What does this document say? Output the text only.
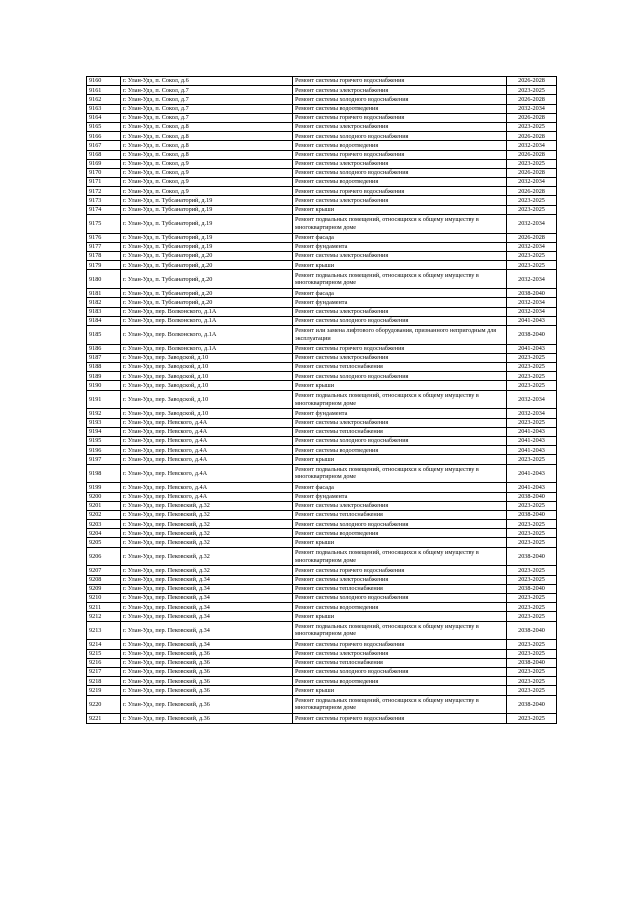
9160	г. Улан-Удэ, п. Сокол, д.6	Ремонт системы горячего водоснабжения	2026-2028
9161	г. Улан-Удэ, п. Сокол, д.7	Ремонт системы электроснабжения	2023-2025
9162	г. Улан-Удэ, п. Сокол, д.7	Ремонт системы холодного водоснабжения	2026-2028
9163	г. Улан-Удэ, п. Сокол, д.7	Ремонт системы водоотведения	2032-2034
9164	г. Улан-Удэ, п. Сокол, д.7	Ремонт системы горячего водоснабжения	2026-2028
9165	г. Улан-Удэ, п. Сокол, д.8	Ремонт системы электроснабжения	2023-2025
9166	г. Улан-Удэ, п. Сокол, д.8	Ремонт системы холодного водоснабжения	2026-2028
9167	г. Улан-Удэ, п. Сокол, д.8	Ремонт системы водоотведения	2032-2034
9168	г. Улан-Удэ, п. Сокол, д.8	Ремонт системы горячего водоснабжения	2026-2028
9169	г. Улан-Удэ, п. Сокол, д.9	Ремонт системы электроснабжения	2023-2025
9170	г. Улан-Удэ, п. Сокол, д.9	Ремонт системы холодного водоснабжения	2026-2028
9171	г. Улан-Удэ, п. Сокол, д.9	Ремонт системы водоотведения	2032-2034
9172	г. Улан-Удэ, п. Сокол, д.9	Ремонт системы горячего водоснабжения	2026-2028
9173	г. Улан-Удэ, п. Тубсанаторий, д.19	Ремонт системы электроснабжения	2023-2025
9174	г. Улан-Удэ, п. Тубсанаторий, д.19	Ремонт крыши	2023-2025
9175	г. Улан-Удэ, п. Тубсанаторий, д.19	Ремонт подвальных помещений, относящихся к общему имуществу в многоквартирном доме	2032-2034
9176	г. Улан-Удэ, п. Тубсанаторий, д.19	Ремонт фасада	2026-2028
9177	г. Улан-Удэ, п. Тубсанаторий, д.19	Ремонт фундамента	2032-2034
9178	г. Улан-Удэ, п. Тубсанаторий, д.20	Ремонт системы электроснабжения	2023-2025
9179	г. Улан-Удэ, п. Тубсанаторий, д.20	Ремонт крыши	2023-2025
9180	г. Улан-Удэ, п. Тубсанаторий, д.20	Ремонт подвальных помещений, относящихся к общему имуществу в многоквартирном доме	2032-2034
9181	г. Улан-Удэ, п. Тубсанаторий, д.20	Ремонт фасада	2038-2040
9182	г. Улан-Удэ, п. Тубсанаторий, д.20	Ремонт фундамента	2032-2034
9183	г. Улан-Удэ, пер. Волконского, д.1А	Ремонт системы электроснабжения	2032-2034
9184	г. Улан-Удэ, пер. Волконского, д.1А	Ремонт системы холодного водоснабжения	2041-2043
9185	г. Улан-Удэ, пер. Волконского, д.1А	Ремонт или замена лифтового оборудования, признанного непригодным для эксплуатации	2038-2040
9186	г. Улан-Удэ, пер. Волконского, д.1А	Ремонт системы горячего водоснабжения	2041-2043
9187	г. Улан-Удэ, пер. Заводской, д.10	Ремонт системы электроснабжения	2023-2025
9188	г. Улан-Удэ, пер. Заводской, д.10	Ремонт системы теплоснабжения	2023-2025
9189	г. Улан-Удэ, пер. Заводской, д.10	Ремонт системы холодного водоснабжения	2023-2025
9190	г. Улан-Удэ, пер. Заводской, д.10	Ремонт крыши	2023-2025
9191	г. Улан-Удэ, пер. Заводской, д.10	Ремонт подвальных помещений, относящихся к общему имуществу в многоквартирном доме	2032-2034
9192	г. Улан-Удэ, пер. Заводской, д.10	Ремонт фундамента	2032-2034
9193	г. Улан-Удэ, пер. Невского, д.4А	Ремонт системы электроснабжения	2023-2025
9194	г. Улан-Удэ, пер. Невского, д.4А	Ремонт системы теплоснабжения	2041-2043
9195	г. Улан-Удэ, пер. Невского, д.4А	Ремонт системы холодного водоснабжения	2041-2043
9196	г. Улан-Удэ, пер. Невского, д.4А	Ремонт системы водоотведения	2041-2043
9197	г. Улан-Удэ, пер. Невского, д.4А	Ремонт крыши	2023-2025
9198	г. Улан-Удэ, пер. Невского, д.4А	Ремонт подвальных помещений, относящихся к общему имуществу в многоквартирном доме	2041-2043
9199	г. Улан-Удэ, пер. Невского, д.4А	Ремонт фасада	2041-2043
9200	г. Улан-Удэ, пер. Невского, д.4А	Ремонт фундамента	2038-2040
9201	г. Улан-Удэ, пер. Пековский, д.32	Ремонт системы электроснабжения	2023-2025
9202	г. Улан-Удэ, пер. Пековский, д.32	Ремонт системы теплоснабжения	2038-2040
9203	г. Улан-Удэ, пер. Пековский, д.32	Ремонт системы холодного водоснабжения	2023-2025
9204	г. Улан-Удэ, пер. Пековский, д.32	Ремонт системы водоотведения	2023-2025
9205	г. Улан-Удэ, пер. Пековский, д.32	Ремонт крыши	2023-2025
9206	г. Улан-Удэ, пер. Пековский, д.32	Ремонт подвальных помещений, относящихся к общему имуществу в многоквартирном доме	2038-2040
9207	г. Улан-Удэ, пер. Пековский, д.32	Ремонт системы горячего водоснабжения	2023-2025
9208	г. Улан-Удэ, пер. Пековский, д.34	Ремонт системы электроснабжения	2023-2025
9209	г. Улан-Удэ, пер. Пековский, д.34	Ремонт системы теплоснабжения	2038-2040
9210	г. Улан-Удэ, пер. Пековский, д.34	Ремонт системы холодного водоснабжения	2023-2025
9211	г. Улан-Удэ, пер. Пековский, д.34	Ремонт системы водоотведения	2023-2025
9212	г. Улан-Удэ, пер. Пековский, д.34	Ремонт крыши	2023-2025
9213	г. Улан-Удэ, пер. Пековский, д.34	Ремонт подвальных помещений, относящихся к общему имуществу в многоквартирном доме	2038-2040
9214	г. Улан-Удэ, пер. Пековский, д.34	Ремонт системы горячего водоснабжения	2023-2025
9215	г. Улан-Удэ, пер. Пековский, д.36	Ремонт системы электроснабжения	2023-2025
9216	г. Улан-Удэ, пер. Пековский, д.36	Ремонт системы теплоснабжения	2038-2040
9217	г. Улан-Удэ, пер. Пековский, д.36	Ремонт системы холодного водоснабжения	2023-2025
9218	г. Улан-Удэ, пер. Пековский, д.36	Ремонт системы водоотведения	2023-2025
9219	г. Улан-Удэ, пер. Пековский, д.36	Ремонт крыши	2023-2025
9220	г. Улан-Удэ, пер. Пековский, д.36	Ремонт подвальных помещений, относящихся к общему имуществу в многоквартирном доме	2038-2040
9221	г. Улан-Удэ, пер. Пековский, д.36	Ремонт системы горячего водоснабжения	2023-2025
